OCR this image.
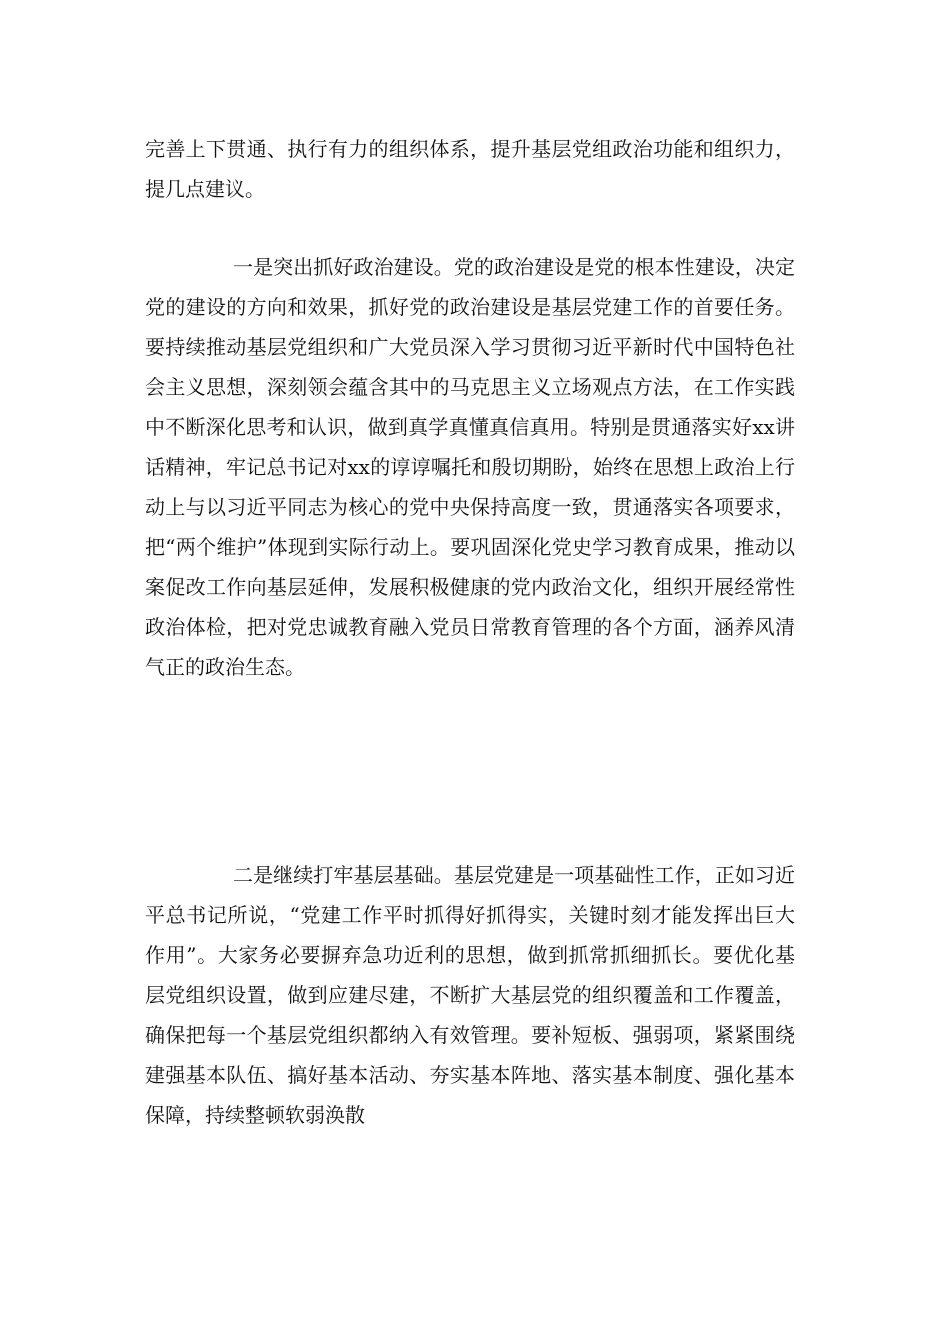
完善上下贯通、执行有力的组织体系，提升基层党组政治功能和组织力，提几点建议。

一是突出抓好政治建设。党的政治建设是党的根本性建设，决定党的建设的方向和效果，抓好党的政治建设是基层党建工作的首要任务。要持续推动基层党组织和广大党员深入学习贯彻习近平新时代中国特色社会主义思想，深刻领会蕴含其中的马克思主义立场观点方法，在工作实践中不断深化思考和认识，做到真学真懂真信真用。特别是贯通落实好xx讲话精神，牢记总书记对xx的谆谆嘱托和殷切期盼，始终在思想上政治上行动上与以习近平同志为核心的党中央保持高度一致，贯通落实各项要求，把“两个维护”体现到实际行动上。要巩固深化党史学习教育成果，推动以案促改工作向基层延伸，发展积极健康的党内政治文化，组织开展经常性政治体检，把对党忠诚教育融入党员日常教育管理的各个方面，涵养风清气正的政治生态。

二是继续打牢基层基础。基层党建是一项基础性工作，正如习近平总书记所说，“党建工作平时抓得好抓得实，关键时刻才能发挥出巨大作用”。大家务必要摒弃急功近利的思想，做到抓常抓细抓长。要优化基层党组织设置，做到应建尽建，不断扩大基层党的组织覆盖和工作覆盖，确保把每一个基层党组织都纳入有效管理。要补短板、强弱项，紧紧围绕建强基本队伍、搞好基本活动、夯实基本阵地、落实基本制度、强化基本保障，持续整顿软弱涣散
